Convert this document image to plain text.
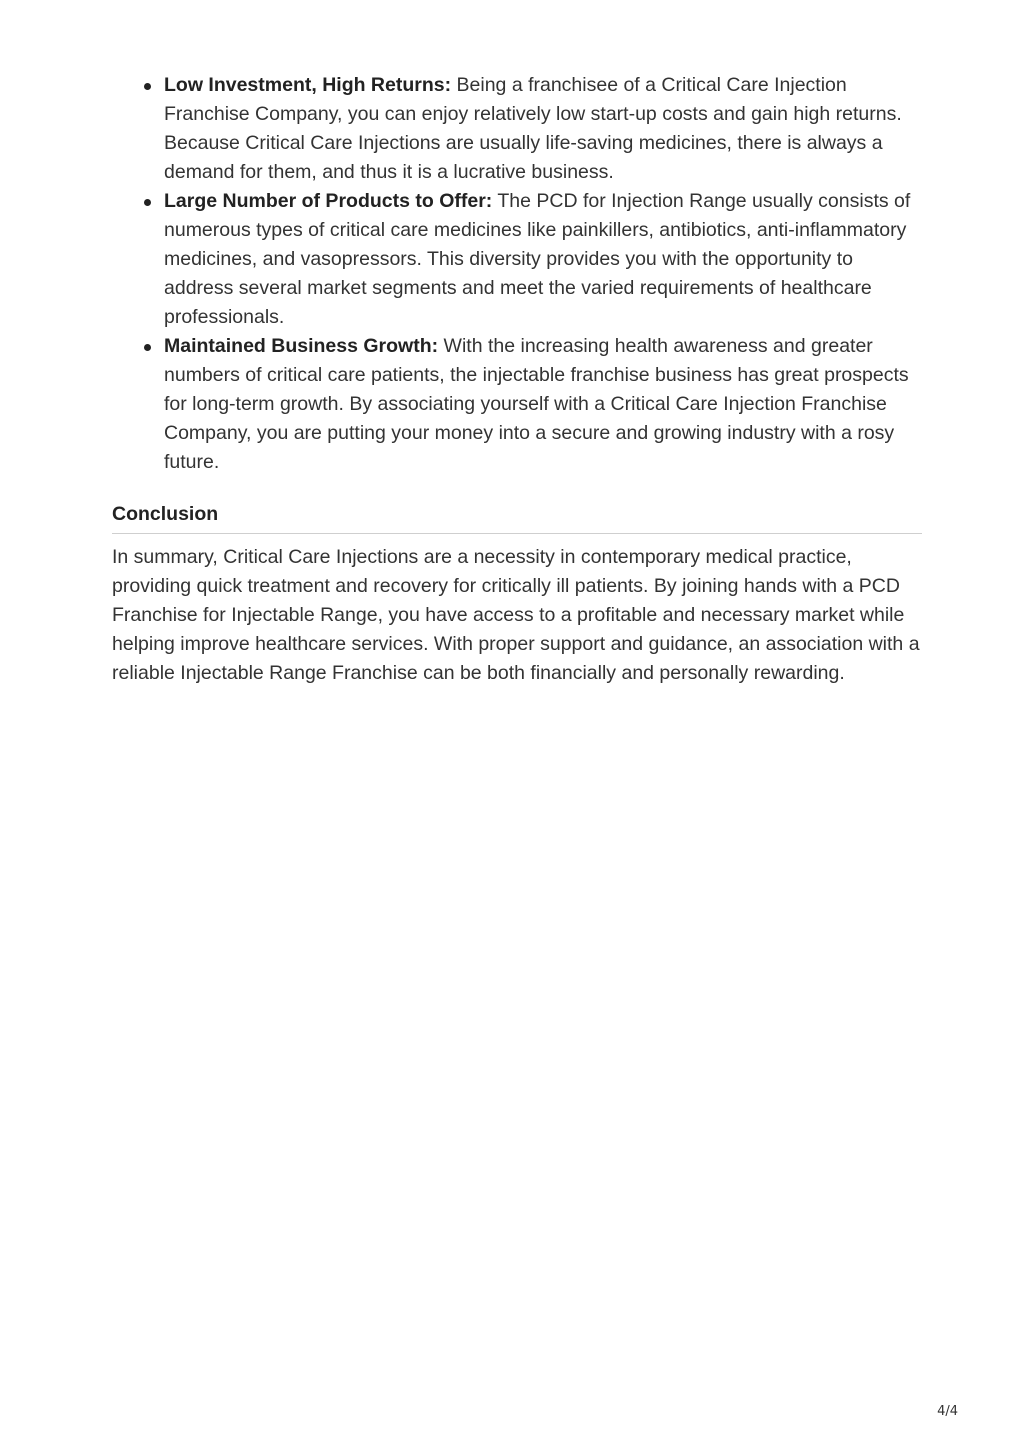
Low Investment, High Returns: Being a franchisee of a Critical Care Injection Franchise Company, you can enjoy relatively low start-up costs and gain high returns. Because Critical Care Injections are usually life-saving medicines, there is always a demand for them, and thus it is a lucrative business.
Large Number of Products to Offer: The PCD for Injection Range usually consists of numerous types of critical care medicines like painkillers, antibiotics, anti-inflammatory medicines, and vasopressors. This diversity provides you with the opportunity to address several market segments and meet the varied requirements of healthcare professionals.
Maintained Business Growth: With the increasing health awareness and greater numbers of critical care patients, the injectable franchise business has great prospects for long-term growth. By associating yourself with a Critical Care Injection Franchise Company, you are putting your money into a secure and growing industry with a rosy future.
Conclusion
In summary, Critical Care Injections are a necessity in contemporary medical practice, providing quick treatment and recovery for critically ill patients. By joining hands with a PCD Franchise for Injectable Range, you have access to a profitable and necessary market while helping improve healthcare services. With proper support and guidance, an association with a reliable Injectable Range Franchise can be both financially and personally rewarding.
4/4
